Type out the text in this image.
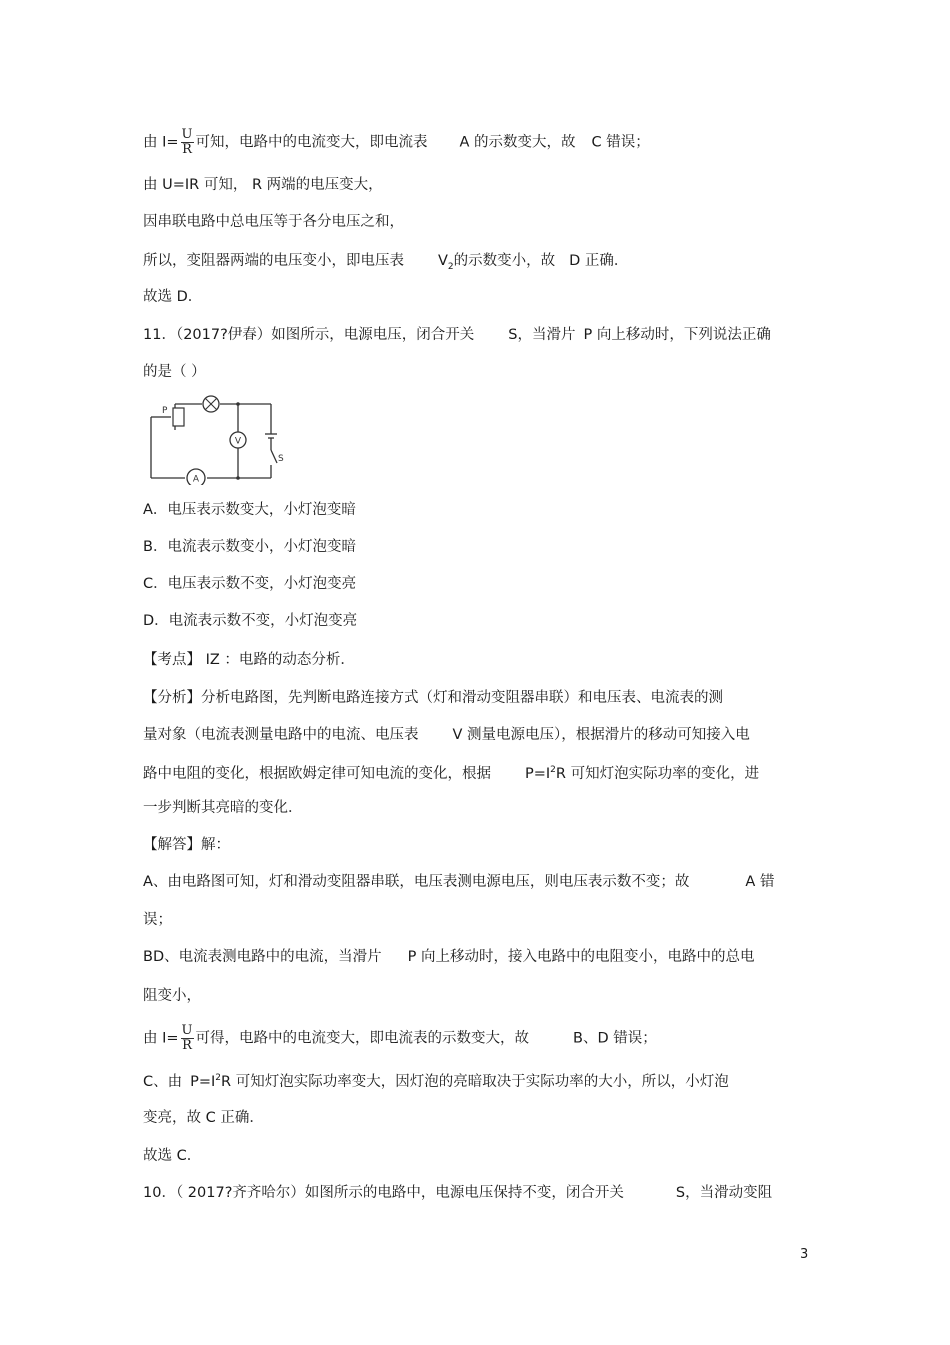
由 $I= \frac{U}{R}$ 可知，电路中的电流变大，即电流表 A 的示数变大，故 C 错误；
由 U=IR 可知， R 两端的电压变大，
因串联电路中总电压等于各分电压之和，
所以，变阻器两端的电压变小，即电压表 $V_2$的示数变小，故 D 正确．
故选 D．
11．（2017?伊春）如图所示，电源电压，闭合开关 S，当滑片 P 向上移动时，下列说法正确
的是（ ）
P
S
V
A
A．电压表示数变大，小灯泡变暗
B．电流表示数变小，小灯泡变暗
C．电压表示数不变，小灯泡变亮
D．电流表示数不变，小灯泡变亮
【考点】 IZ ：电路的动态分析．
【分析】分析电路图，先判断电路连接方式（灯和滑动变阻器串联）和电压表、电流表的测
量对象（电流表测量电路中的电流、电压表 V 测量电源电压），根据滑片的移动可知接入电
路中电阻的变化，根据欧姆定律可知电流的变化，根据 $P=I^2R$ 可知灯泡实际功率的变化，进
一步判断其亮暗的变化．
【解答】解：
A、由电路图可知，灯和滑动变阻器串联，电压表测电源电压，则电压表示数不变；故	A 错
误；
BD、电流表测电路中的电流，当滑片 P 向上移动时，接入电路中的电阻变小，电路中的总电
阻变小，
由 $I= \frac{U}{R}$ 可得，电路中的电流变大，即电流表的示数变大，故	B、D 错误；
C、由 $P=I^2R$ 可知灯泡实际功率变大，因灯泡的亮暗取决于实际功率的大小，所以，小灯泡
变亮，故 C 正确．
故选 C．
10．（ 2017?齐齐哈尔）如图所示的电路中，电源电压保持不变，闭合开关	S，当滑动变阻
3
